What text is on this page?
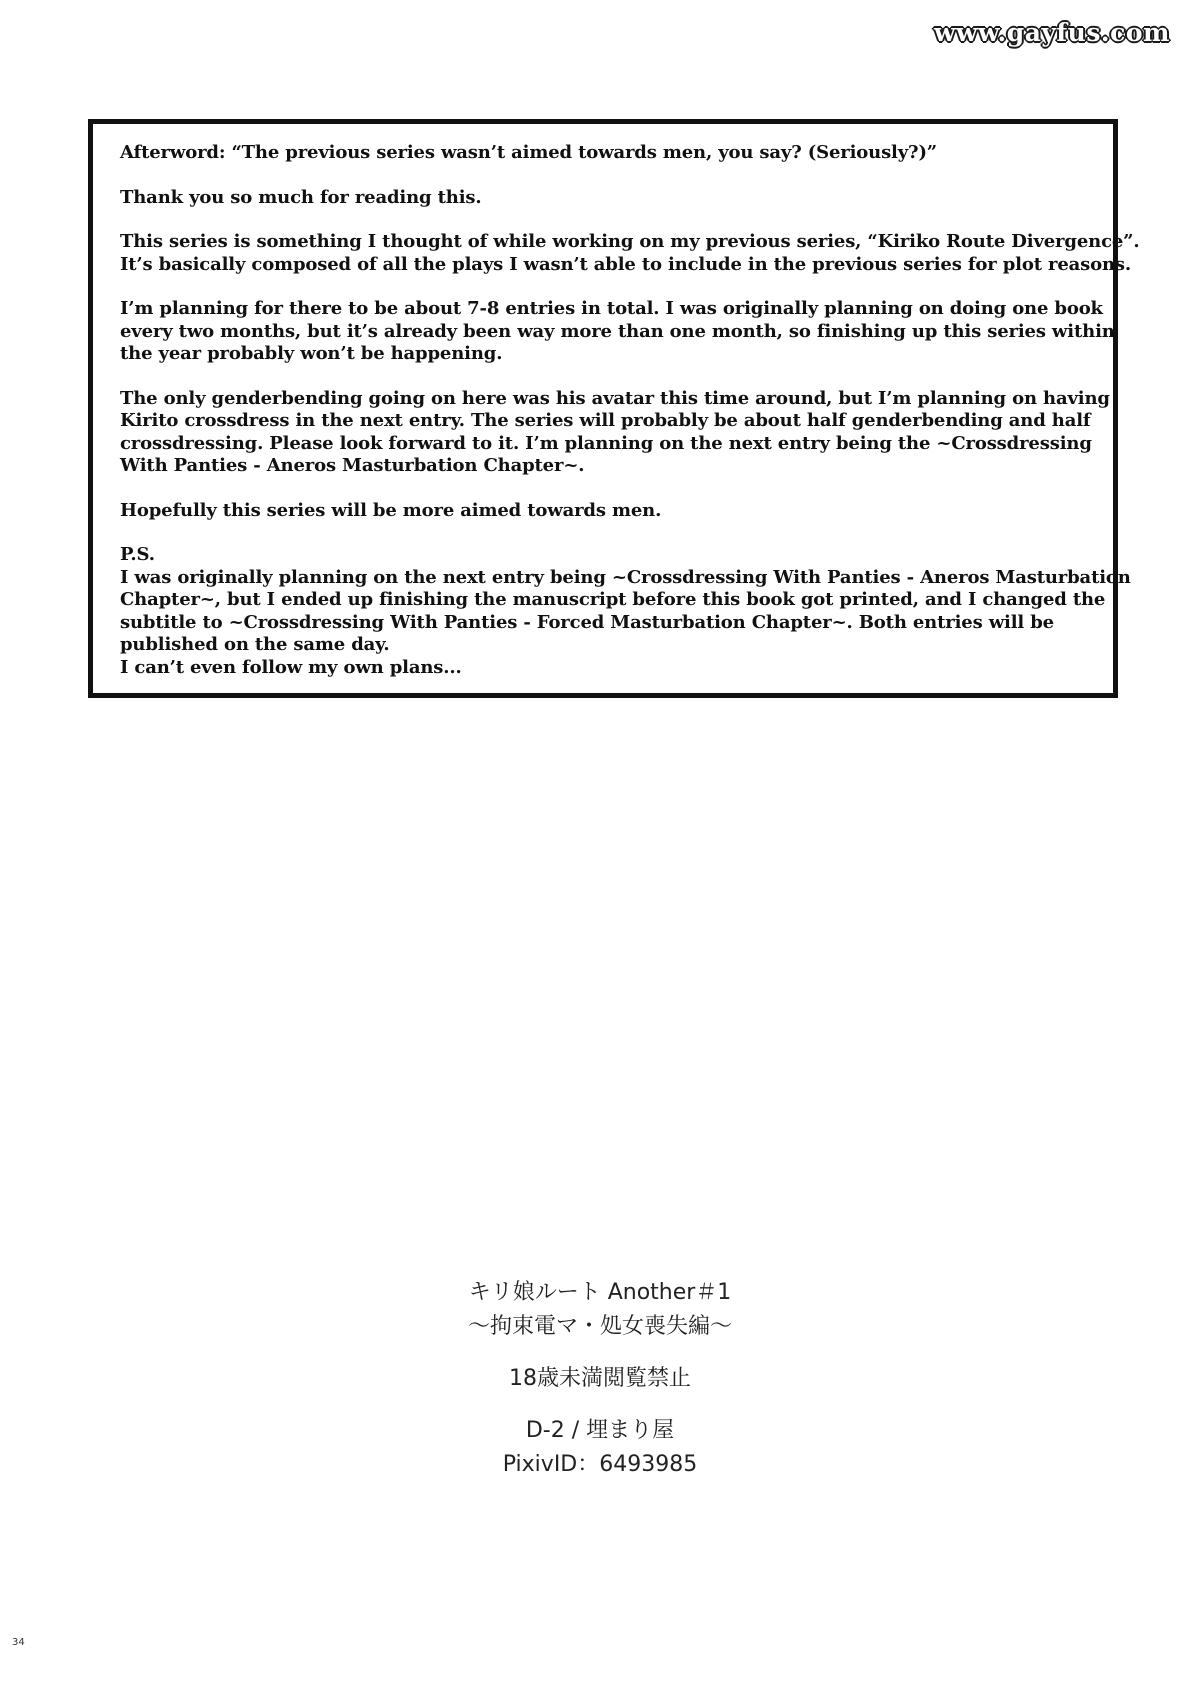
www.gayfus.com

Afterword: “The previous series wasn’t aimed towards men, you say? (Seriously?)”

Thank you so much for reading this.

This series is something I thought of while working on my previous series, “Kiriko Route Divergence”.
It’s basically composed of all the plays I wasn’t able to include in the previous series for plot reasons.

I’m planning for there to be about 7-8 entries in total. I was originally planning on doing one book
every two months, but it’s already been way more than one month, so finishing up this series within
the year probably won’t be happening.

The only genderbending going on here was his avatar this time around, but I’m planning on having
Kirito crossdress in the next entry. The series will probably be about half genderbending and half
crossdressing. Please look forward to it. I’m planning on the next entry being the ~Crossdressing
With Panties - Aneros Masturbation Chapter~.

Hopefully this series will be more aimed towards men.

P.S.
I was originally planning on the next entry being ~Crossdressing With Panties - Aneros Masturbation
Chapter~, but I ended up finishing the manuscript before this book got printed, and I changed the
subtitle to ~Crossdressing With Panties - Forced Masturbation Chapter~. Both entries will be
published on the same day.
I can’t even follow my own plans...

キリ娘ルート Another＃1
〜拘束電マ・処女喪失編〜
18歳未満閲覧禁止
D-2 / 埋まり屋
PixivID：6493985
34
